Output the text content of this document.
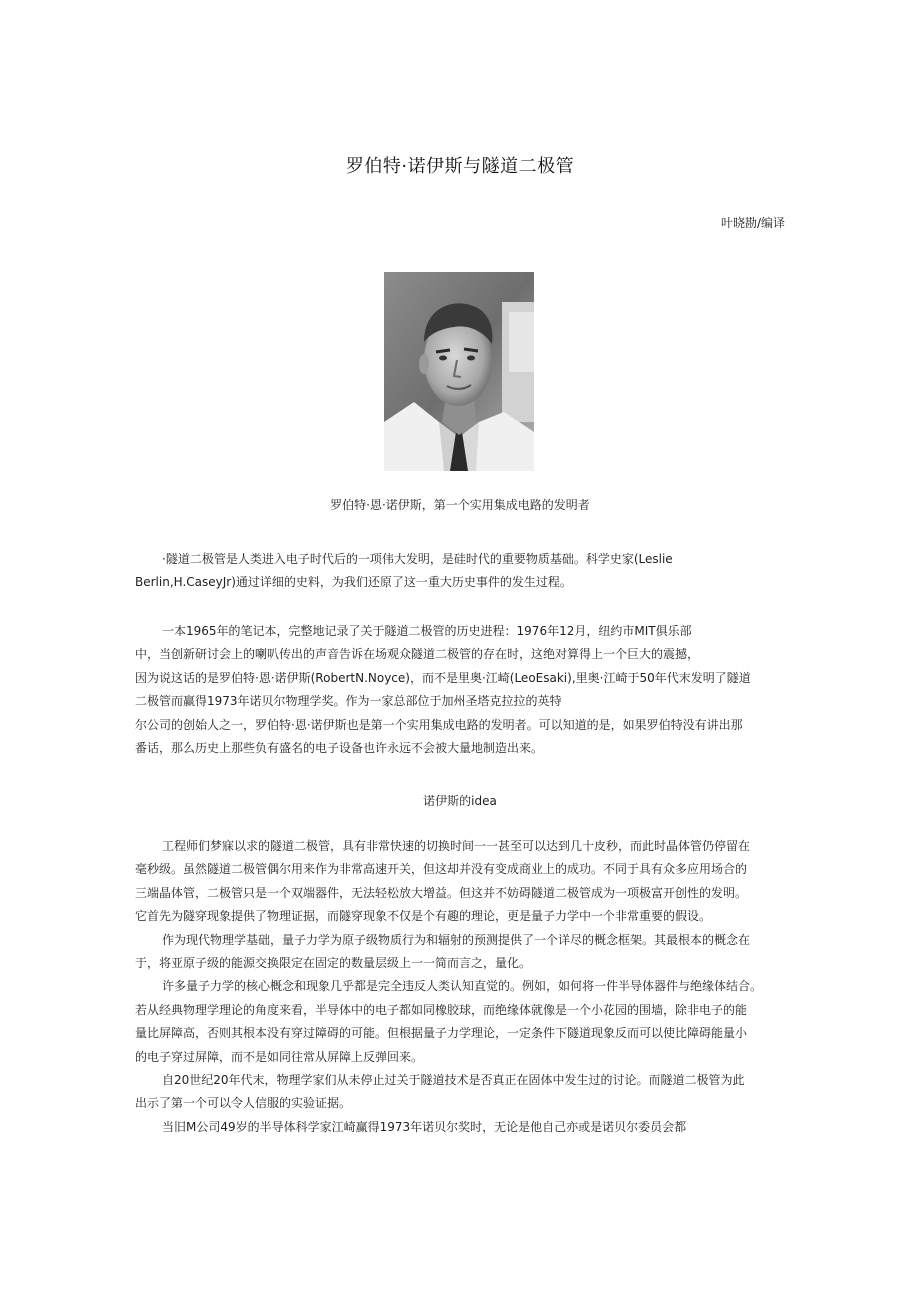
罗伯特·诺伊斯与隧道二极管
叶晓勘/编译
罗伯特·恩·诺伊斯，第一个实用集成电路的发明者
·隧道二极管是人类进入电子时代后的一项伟大发明，是硅时代的重要物质基础。科学史家(Leslie
Berlin,H.CaseyJr)通过详细的史料，为我们还原了这一重大历史事件的发生过程。
一本1965年的笔记本，完整地记录了关于隧道二极管的历史进程：1976年12月，纽约市MIT俱乐部
中，当创新研讨会上的喇叭传出的声音告诉在场观众隧道二极管的存在时，这绝对算得上一个巨大的震撼，
因为说这话的是罗伯特·恩·诺伊斯(RobertN.Noyce)，而不是里奥·江崎(LeoEsaki),里奥·江崎于50年代末发明了隧道
二极管而赢得1973年诺贝尔物理学奖。作为一家总部位于加州圣塔克拉拉的英特
尔公司的创始人之一，罗伯特·恩·诺伊斯也是第一个实用集成电路的发明者。可以知道的是，如果罗伯特没有讲出那
番话，那么历史上那些负有盛名的电子设备也许永远不会被大量地制造出来。
诺伊斯的idea
工程师们梦寐以求的隧道二极管，具有非常快速的切换时间一一甚至可以达到几十皮秒，而此时晶体管仍停留在
毫秒级。虽然隧道二极管偶尔用来作为非常高速开关，但这却并没有变成商业上的成功。不同于具有众多应用场合的
三端晶体管，二极管只是一个双端器件，无法轻松放大增益。但这并不妨碍隧道二极管成为一项极富开创性的发明。
它首先为隧穿现象提供了物理证据，而隧穿现象不仅是个有趣的理论，更是量子力学中一个非常重要的假设。
作为现代物理学基础，量子力学为原子级物质行为和辐射的预测提供了一个详尽的概念框架。其最根本的概念在
于，将亚原子级的能源交换限定在固定的数量层级上一一简而言之，量化。
许多量子力学的核心概念和现象几乎都是完全违反人类认知直觉的。例如，如何将一件半导体器件与绝缘体结合。
若从经典物理学理论的角度来看，半导体中的电子都如同橡胶球，而绝缘体就像是一个小花园的围墙，除非电子的能
量比屏障高，否则其根本没有穿过障碍的可能。但根据量子力学理论，一定条件下隧道现象反而可以使比障碍能量小
的电子穿过屏障，而不是如同往常从屏障上反弹回来。
自20世纪20年代末，物理学家们从未停止过关于隧道技术是否真正在固体中发生过的讨论。而隧道二极管为此
出示了第一个可以令人信服的实验证据。
当旧M公司49岁的半导体科学家江崎赢得1973年诺贝尔奖时，无论是他自己亦或是诺贝尔委员会都
